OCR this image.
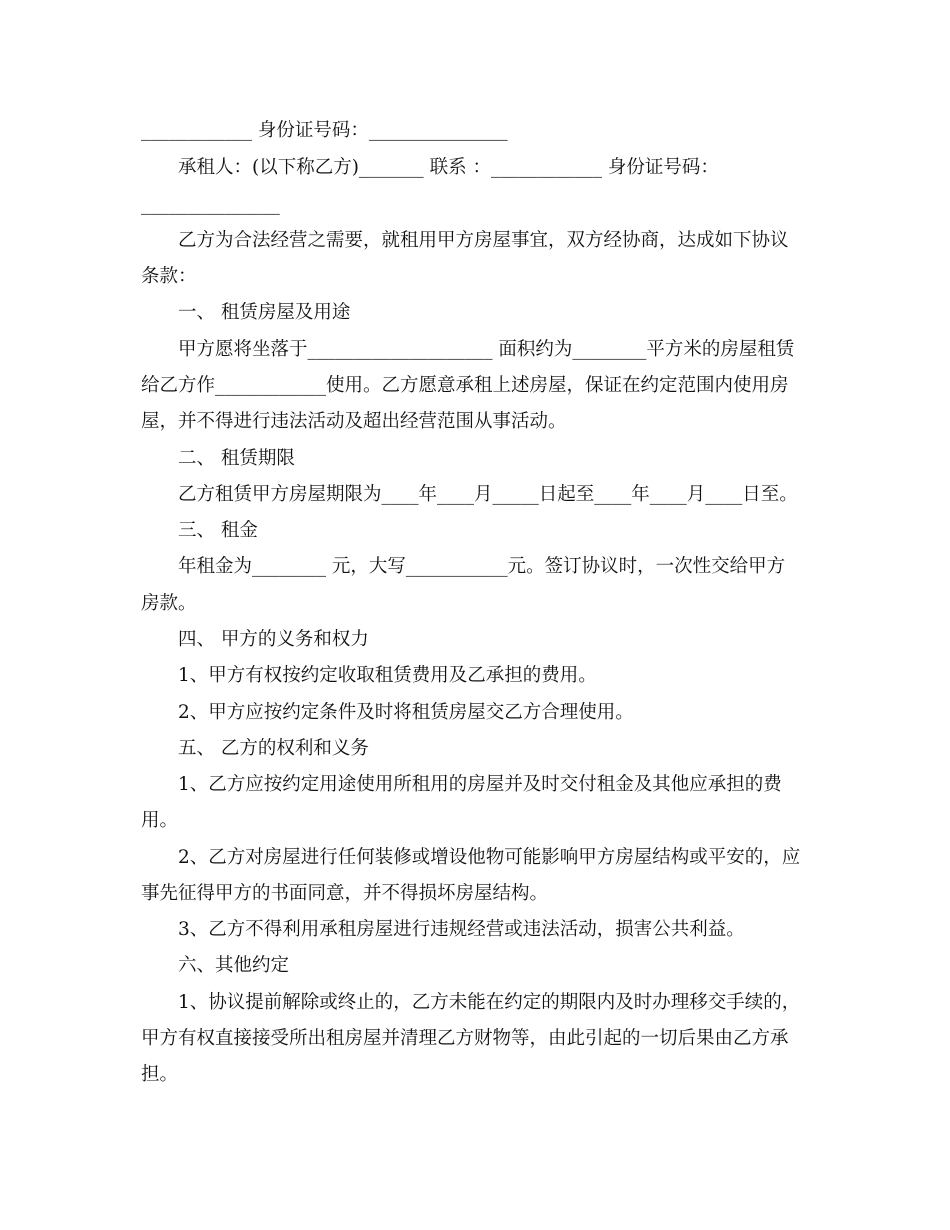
____________ 身份证号码：_______________
承租人：(以下称乙方)_______ 联系 ：____________ 身份证号码：
_______________
乙方为合法经营之需要，就租用甲方房屋事宜，双方经协商，达成如下协议
条款：
一、 租赁房屋及用途
甲方愿将坐落于____________________ 面积约为________平方米的房屋租赁
给乙方作____________使用。乙方愿意承租上述房屋，保证在约定范围内使用房
屋，并不得进行违法活动及超出经营范围从事活动。
二、 租赁期限
乙方租赁甲方房屋期限为____年____月_____日起至____年____月____日至。
三、 租金
年租金为________ 元，大写___________元。签订协议时，一次性交给甲方
房款。
四、 甲方的义务和权力
1、甲方有权按约定收取租赁费用及乙承担的费用。
2、甲方应按约定条件及时将租赁房屋交乙方合理使用。
五、 乙方的权利和义务
1、乙方应按约定用途使用所租用的房屋并及时交付租金及其他应承担的费
用。
2、乙方对房屋进行任何装修或增设他物可能影响甲方房屋结构或平安的，应
事先征得甲方的书面同意，并不得损坏房屋结构。
3、乙方不得利用承租房屋进行违规经营或违法活动，损害公共利益。
六、其他约定
1、协议提前解除或终止的，乙方未能在约定的期限内及时办理移交手续的，
甲方有权直接接受所出租房屋并清理乙方财物等，由此引起的一切后果由乙方承
担。
